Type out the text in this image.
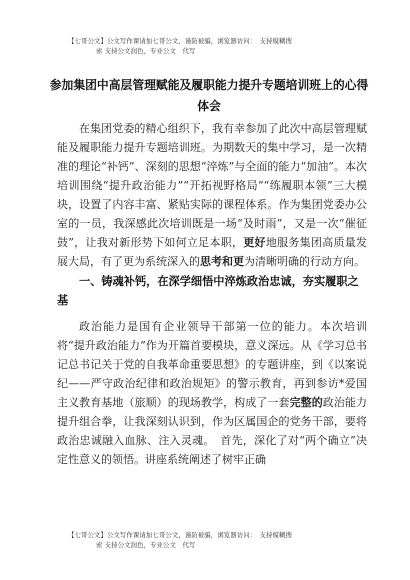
【七哥公文】公文写作课请加七哥公文，谨防被骗，浏览器访问：　支持模糊搜
索 支持公文润色，专业公文　代写
参加集团中高层管理赋能及履职能力提升专题培训班上的心得体会

在集团党委的精心组织下，我有幸参加了此次中高层管理赋能及履职能力提升专题培训班。为期数天的集中学习，是一次精准的理论“补钙”、深刻的思想“淬炼”与全面的能力“加油”。本次培训围绕“提升政治能力”“开拓视野格局”“练履职本领”三大模块，设置了内容丰富、紧贴实际的课程体系。作为集团党委办公室的一员，我深感此次培训既是一场“及时雨”，又是一次“催征鼓”，让我对新形势下如何立足本职，更好地服务集团高质量发展大局，有了更为系统深入的思考和更为清晰明确的行动方向。

一、铸魂补钙，在深学细悟中淬炼政治忠诚，夯实履职之基

政治能力是国有企业领导干部第一位的能力。本次培训将“提升政治能力”作为开篇首要模块，意义深远。从《学习总书记总书记关于党的自我革命重要思想》的专题讲座，到《以案说纪——严守政治纪律和政治规矩》的警示教育，再到参访*爱国主义教育基地（旅顺）的现场教学，构成了一套完整的政治能力提升组合拳，让我深刻认识到，作为区属国企的党务干部，要将政治忠诚融入血脉、注入灵魂。　首先，深化了对“两个确立”决定性意义的领悟。讲座系统阐述了树牢正确

【七哥公文】公文写作课请加七哥公文，谨防被骗，浏览器访问：　支持模糊搜
索 支持公文润色，专业公文　代写
